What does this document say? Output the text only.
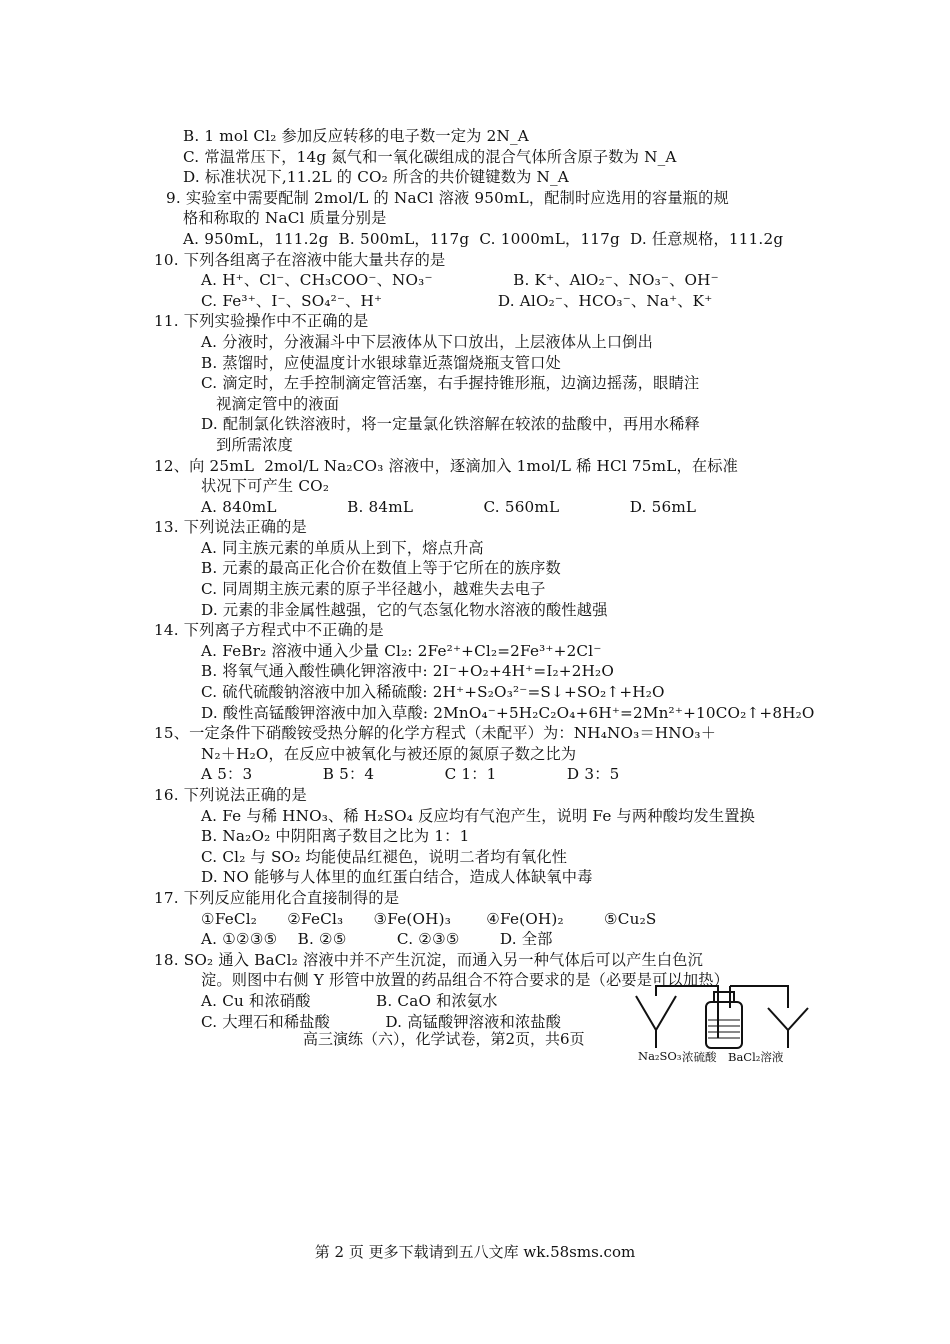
B. 1 mol Cl₂ 参加反应转移的电子数一定为 2N_A
C. 常温常压下，14g 氮气和一氧化碳组成的混合气体所含原子数为 N_A
D. 标准状况下,11.2L 的 CO₂ 所含的共价键键数为 N_A
9. 实验室中需要配制 2mol/L 的 NaCl 溶液 950mL，配制时应选用的容量瓶的规
格和称取的 NaCl 质量分别是
A. 950mL，111.2g  B. 500mL，117g  C. 1000mL，117g  D. 任意规格，111.2g
10. 下列各组离子在溶液中能大量共存的是
A. H⁺、Cl⁻、CH₃COO⁻、NO₃⁻                B. K⁺、AlO₂⁻、NO₃⁻、OH⁻
C. Fe³⁺、I⁻、SO₄²⁻、H⁺                       D. AlO₂⁻、HCO₃⁻、Na⁺、K⁺
11. 下列实验操作中不正确的是
A. 分液时，分液漏斗中下层液体从下口放出，上层液体从上口倒出
B. 蒸馏时，应使温度计水银球靠近蒸馏烧瓶支管口处
C. 滴定时，左手控制滴定管活塞，右手握持锥形瓶，边滴边摇荡，眼睛注
视滴定管中的液面
D. 配制氯化铁溶液时，将一定量氯化铁溶解在较浓的盐酸中，再用水稀释
到所需浓度
12、向 25mL  2mol/L Na₂CO₃ 溶液中，逐滴加入 1mol/L 稀 HCl 75mL，在标准
状况下可产生 CO₂
A. 840mL              B. 84mL              C. 560mL              D. 56mL
13. 下列说法正确的是
A. 同主族元素的单质从上到下，熔点升高
B. 元素的最高正化合价在数值上等于它所在的族序数
C. 同周期主族元素的原子半径越小，越难失去电子
D. 元素的非金属性越强，它的气态氢化物水溶液的酸性越强
14. 下列离子方程式中不正确的是
A. FeBr₂ 溶液中通入少量 Cl₂: 2Fe²⁺+Cl₂=2Fe³⁺+2Cl⁻
B. 将氧气通入酸性碘化钾溶液中: 2I⁻+O₂+4H⁺=I₂+2H₂O
C. 硫代硫酸钠溶液中加入稀硫酸: 2H⁺+S₂O₃²⁻=S↓+SO₂↑+H₂O
D. 酸性高锰酸钾溶液中加入草酸: 2MnO₄⁻+5H₂C₂O₄+6H⁺=2Mn²⁺+10CO₂↑+8H₂O
15、一定条件下硝酸铵受热分解的化学方程式（未配平）为：NH₄NO₃＝HNO₃＋
N₂＋H₂O，在反应中被氧化与被还原的氮原子数之比为
A 5：3              B 5：4              C 1：1              D 3：5
16. 下列说法正确的是
A. Fe 与稀 HNO₃、稀 H₂SO₄ 反应均有气泡产生，说明 Fe 与两种酸均发生置换
B. Na₂O₂ 中阴阳离子数目之比为 1：1
C. Cl₂ 与 SO₂ 均能使品红褪色，说明二者均有氧化性
D. NO 能够与人体里的血红蛋白结合，造成人体缺氧中毒
17. 下列反应能用化合直接制得的是
①FeCl₂      ②FeCl₃      ③Fe(OH)₃       ④Fe(OH)₂        ⑤Cu₂S
A. ①②③⑤    B. ②⑤          C. ②③⑤        D. 全部
18. SO₂ 通入 BaCl₂ 溶液中并不产生沉淀，而通入另一种气体后可以产生白色沉
淀。则图中右侧 Y 形管中放置的药品组合不符合要求的是（必要是可以加热）
A. Cu 和浓硝酸             B. CaO 和浓氨水
C. 大理石和稀盐酸           D. 高锰酸钾溶液和浓盐酸
高三演练（六），化学试卷，第2页，共6页
Na₂SO₃ 浓硫酸 BaCl₂溶液
第 2 页 更多下载请到五八文库 wk.58sms.com
